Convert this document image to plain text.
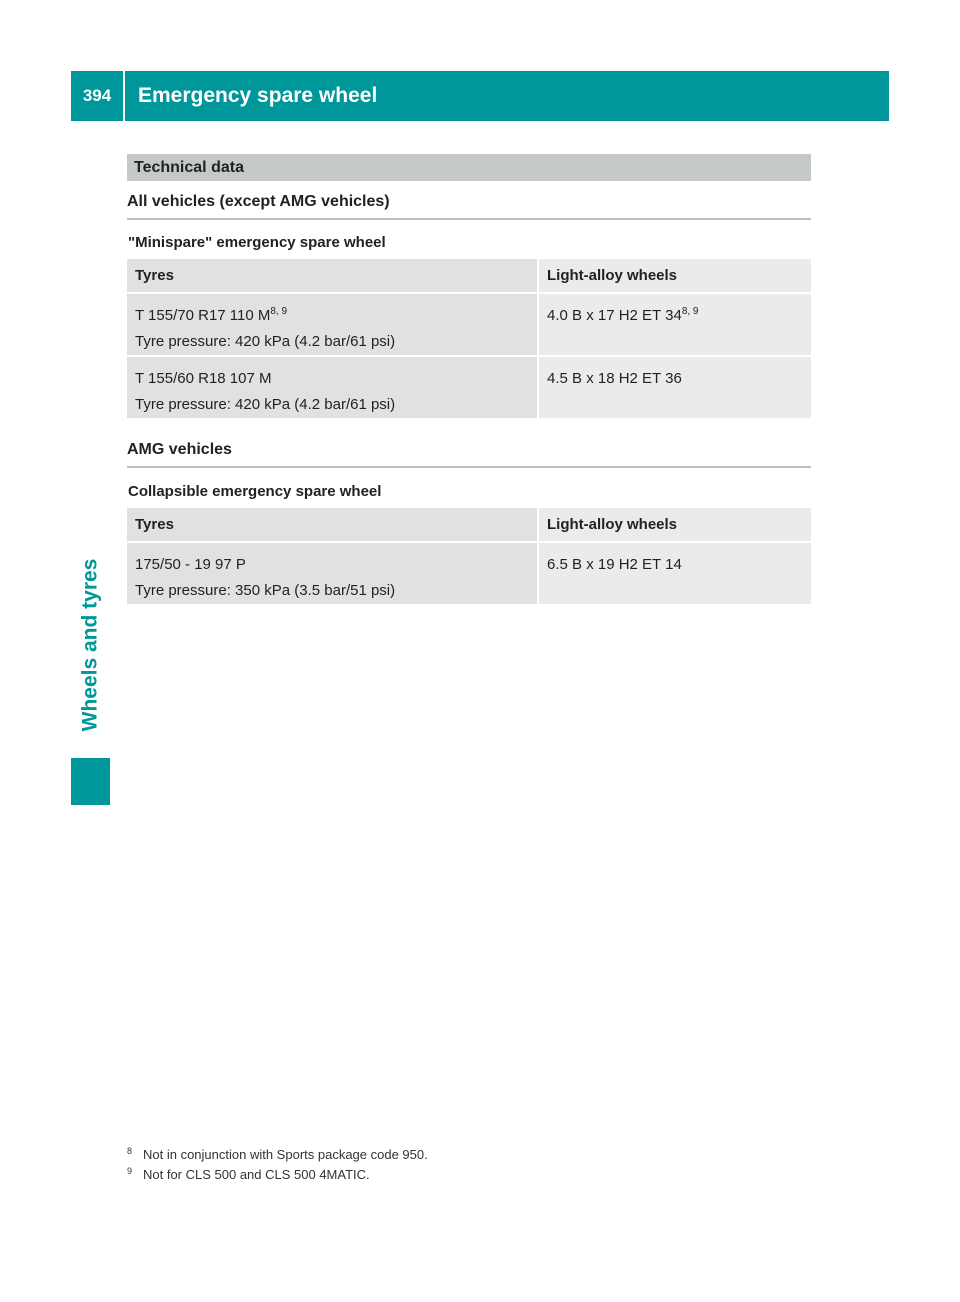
394	Emergency spare wheel
Wheels and tyres
Technical data
All vehicles (except AMG vehicles)
"Minispare" emergency spare wheel
Tyres	Light-alloy wheels
T 155/70 R17 110 M$^{8, 9}$
Tyre pressure: 420 kPa (4.2 bar/61 psi)	4.0 B x 17 H2 ET 34$^{8, 9}$
T 155/60 R18 107 M
Tyre pressure: 420 kPa (4.2 bar/61 psi)	4.5 B x 18 H2 ET 36
AMG vehicles
Collapsible emergency spare wheel
Tyres	Light-alloy wheels
175/50 - 19 97 P
Tyre pressure: 350 kPa (3.5 bar/51 psi)	6.5 B x 19 H2 ET 14
8 Not in conjunction with Sports package code 950.
9 Not for CLS 500 and CLS 500 4MATIC.
